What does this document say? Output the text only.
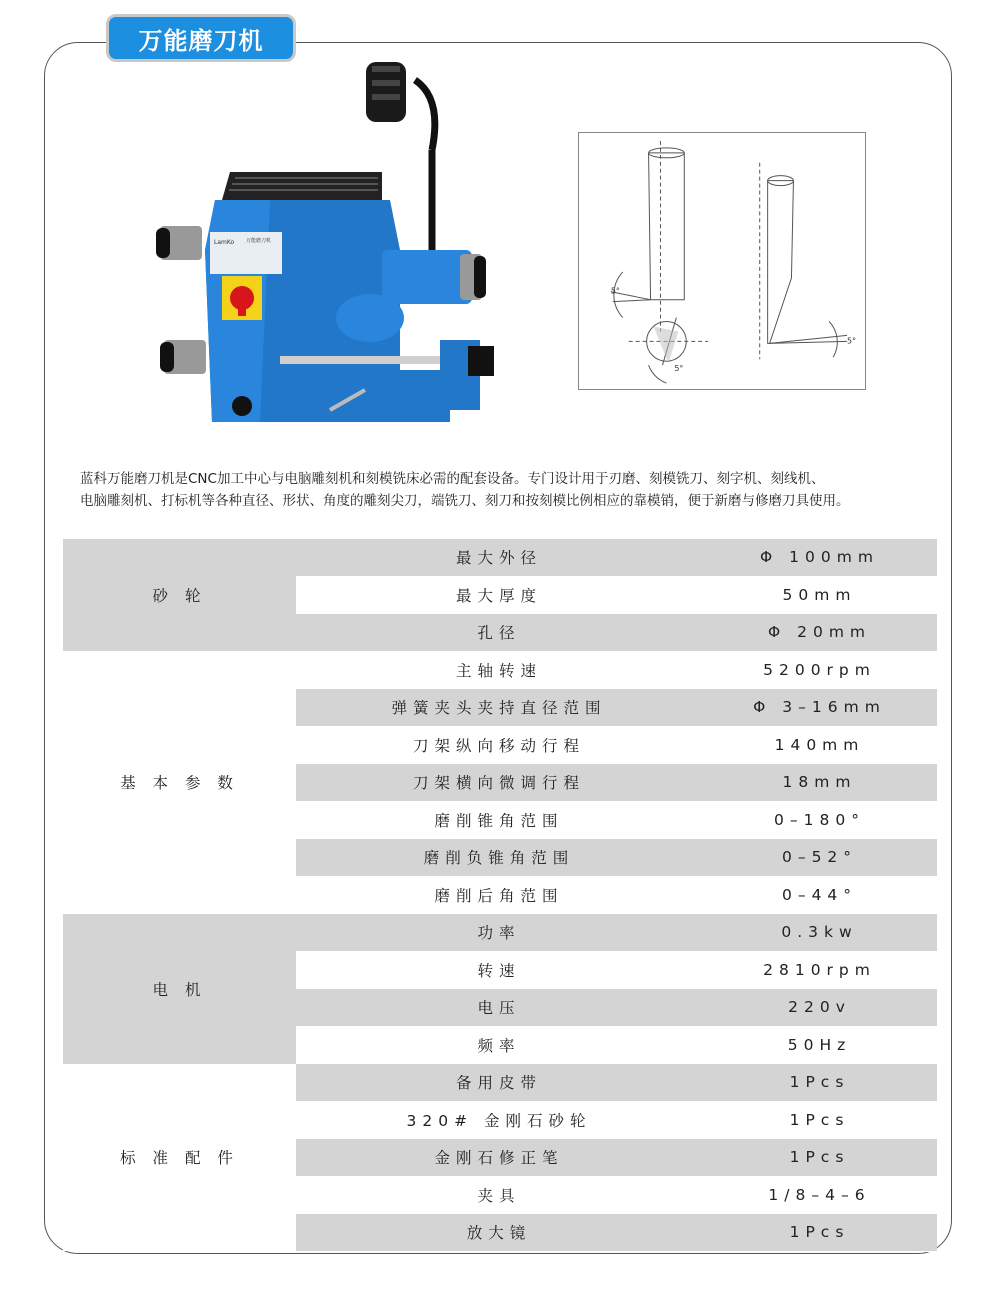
万能磨刀机
LamKo 万能磨刀机
5°
5°
5°

蓝科万能磨刀机是CNC加工中心与电脑雕刻机和刻模铣床必需的配套设备。专门设计用于刃磨、刻模铣刀、刻字机、刻线机、

电脑雕刻机、打标机等各种直径、形状、角度的雕刻尖刀，端铣刀、刻刀和按刻模比例相应的靠模销，便于新磨与修磨刀具使用。

砂 轮	最大外径	Φ 100mm
	最大厚度	50mm
	孔径	Φ 20mm
基 本 参 数	主轴转速	5200rpm
	弹簧夹头夹持直径范围	Φ 3–16mm
	刀架纵向移动行程	140mm
	刀架横向微调行程	18mm
	磨削锥角范围	0–180°
	磨削负锥角范围	0–52°
	磨削后角范围	0–44°
电 机	功率	0.3kw
	转速	2810rpm
	电压	220v
	频率	50Hz
标 准 配 件	备用皮带	1Pcs
	320# 金刚石砂轮	1Pcs
	金刚石修正笔	1Pcs
	夹具	1/8–4–6
	放大镜	1Pcs
